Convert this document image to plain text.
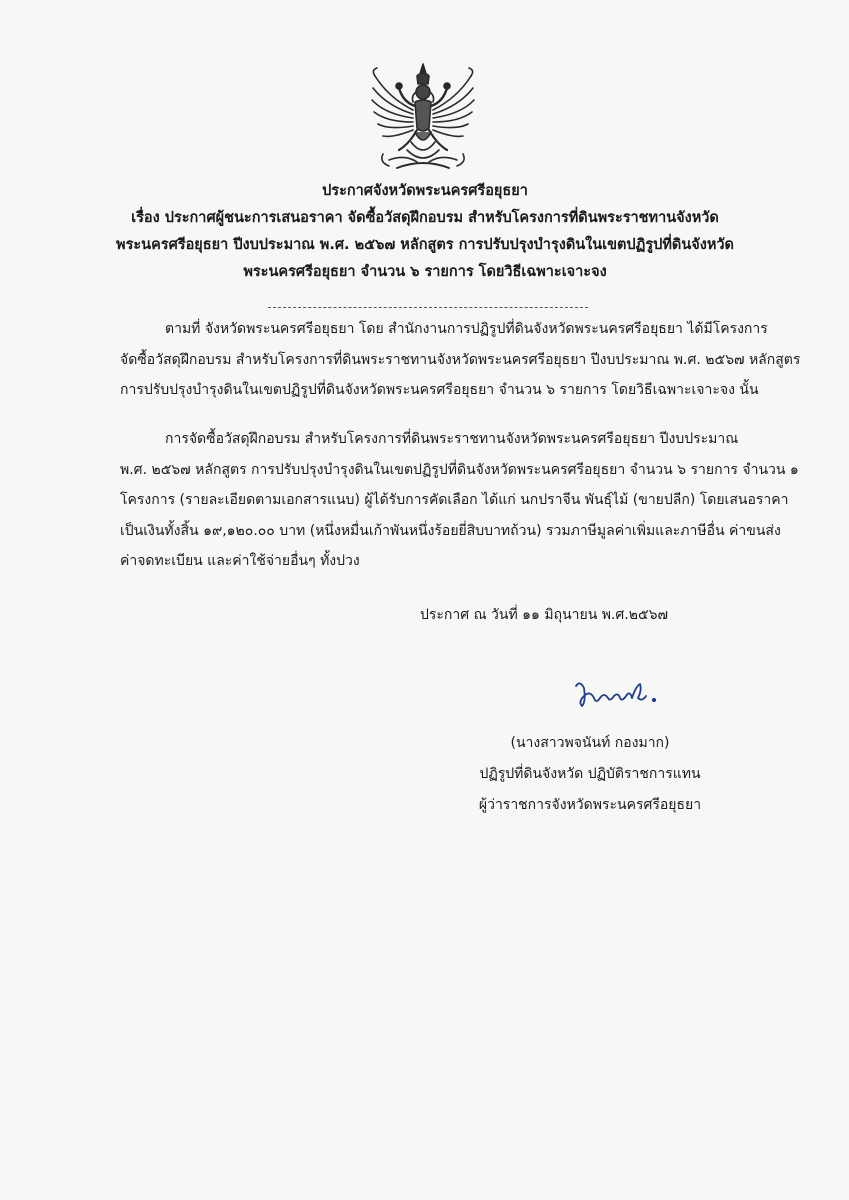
ประกาศจังหวัดพระนครศรีอยุธยา
เรื่อง ประกาศผู้ชนะการเสนอราคา จัดซื้อวัสดุฝึกอบรม สำหรับโครงการที่ดินพระราชทานจังหวัด
พระนครศรีอยุธยา ปีงบประมาณ พ.ศ. ๒๕๖๗ หลักสูตร การปรับปรุงบำรุงดินในเขตปฏิรูปที่ดินจังหวัด
พระนครศรีอยุธยา จำนวน ๖ รายการ โดยวิธีเฉพาะเจาะจง
ตามที่ จังหวัดพระนครศรีอยุธยา โดย สำนักงานการปฏิรูปที่ดินจังหวัดพระนครศรีอยุธยา ได้มีโครงการ
จัดซื้อวัสดุฝึกอบรม สำหรับโครงการที่ดินพระราชทานจังหวัดพระนครศรีอยุธยา ปีงบประมาณ พ.ศ. ๒๕๖๗ หลักสูตร
การปรับปรุงบำรุงดินในเขตปฏิรูปที่ดินจังหวัดพระนครศรีอยุธยา จำนวน ๖ รายการ โดยวิธีเฉพาะเจาะจง นั้น
การจัดซื้อวัสดุฝึกอบรม สำหรับโครงการที่ดินพระราชทานจังหวัดพระนครศรีอยุธยา ปีงบประมาณ
พ.ศ. ๒๕๖๗ หลักสูตร การปรับปรุงบำรุงดินในเขตปฏิรูปที่ดินจังหวัดพระนครศรีอยุธยา จำนวน ๖ รายการ จำนวน ๑
โครงการ (รายละเอียดตามเอกสารแนบ) ผู้ได้รับการคัดเลือก ได้แก่ นกปราจีน พันธุ์ไม้ (ขายปลีก) โดยเสนอราคา
เป็นเงินทั้งสิ้น ๑๙,๑๒๐.๐๐ บาท (หนึ่งหมื่นเก้าพันหนึ่งร้อยยี่สิบบาทถ้วน) รวมภาษีมูลค่าเพิ่มและภาษีอื่น ค่าขนส่ง
ค่าจดทะเบียน และค่าใช้จ่ายอื่นๆ ทั้งปวง
ประกาศ ณ วันที่ ๑๑ มิถุนายน พ.ศ.๒๕๖๗
(นางสาวพจนันท์ กองมาก)
ปฏิรูปที่ดินจังหวัด ปฏิบัติราชการแทน
ผู้ว่าราชการจังหวัดพระนครศรีอยุธยา
